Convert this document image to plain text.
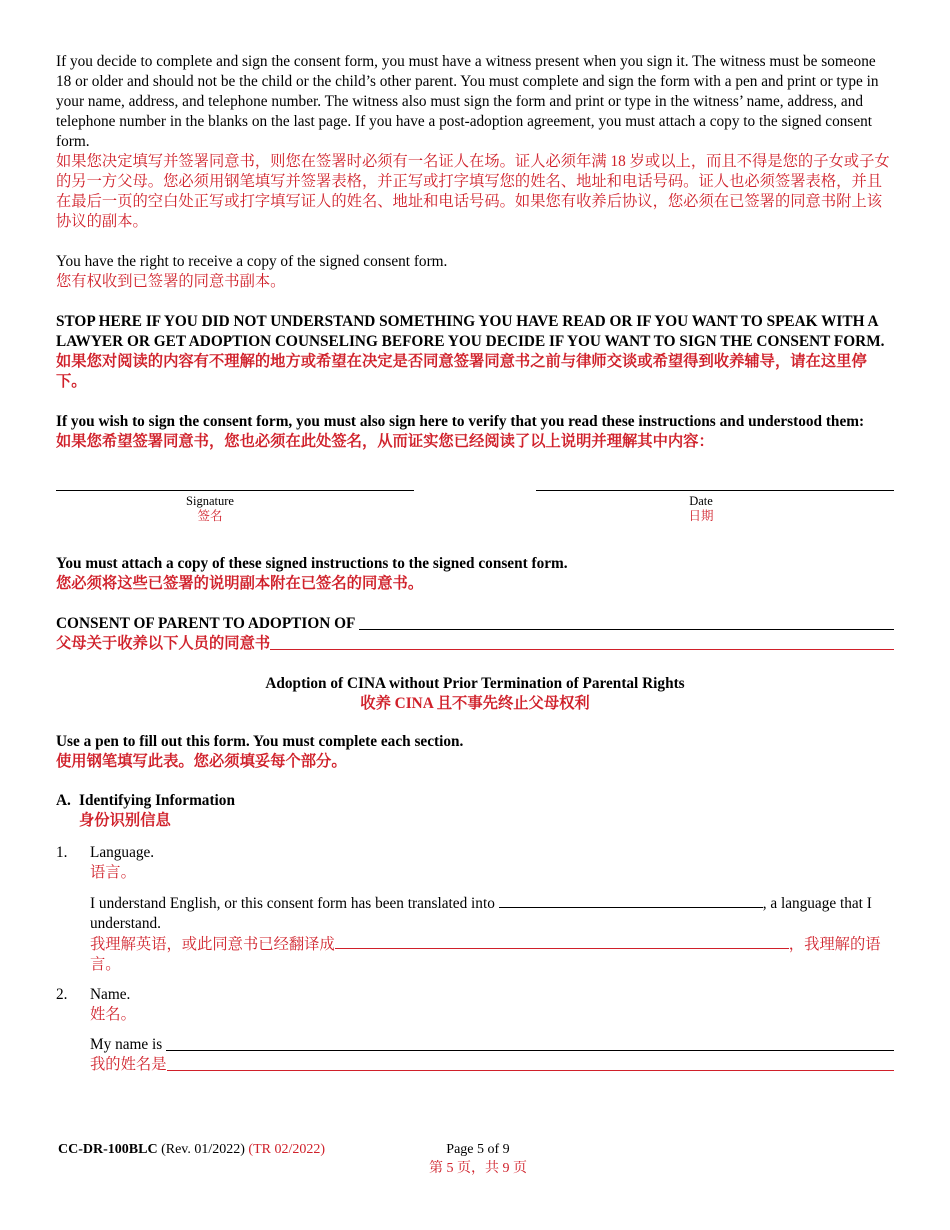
If you decide to complete and sign the consent form, you must have a witness present when you sign it. The witness must be someone 18 or older and should not be the child or the child’s other parent. You must complete and sign the form with a pen and print or type in your name, address, and telephone number. The witness also must sign the form and print or type in the witness’ name, address, and telephone number in the blanks on the last page. If you have a post-adoption agreement, you must attach a copy to the signed consent form.

如果您决定填写并签署同意书，则您在签署时必须有一名证人在场。证人必须年满 18 岁或以上，而且不得是您的子女或子女的另一方父母。您必须用钢笔填写并签署表格，并正写或打字填写您的姓名、地址和电话号码。证人也必须签署表格，并且在最后一页的空白处正写或打字填写证人的姓名、地址和电话号码。如果您有收养后协议，您必须在已签署的同意书附上该协议的副本。

You have the right to receive a copy of the signed consent form.

您有权收到已签署的同意书副本。

STOP HERE IF YOU DID NOT UNDERSTAND SOMETHING YOU HAVE READ OR IF YOU WANT TO SPEAK WITH A LAWYER OR GET ADOPTION COUNSELING BEFORE YOU DECIDE IF YOU WANT TO SIGN THE CONSENT FORM.

如果您对阅读的内容有不理解的地方或希望在决定是否同意签署同意书之前与律师交谈或希望得到收养辅导，请在这里停下。

If you wish to sign the consent form, you must also sign here to verify that you read these instructions and understood them:

如果您希望签署同意书，您也必须在此处签名，从而证实您已经阅读了以上说明并理解其中内容：

Signature
签名
Date
日期

You must attach a copy of these signed instructions to the signed consent form.

您必须将这些已签署的说明副本附在已签名的同意书。

CONSENT OF PARENT TO ADOPTION OF
父母关于收养以下人员的同意书
Adoption of CINA without Prior Termination of Parental Rights
收养 CINA 且不事先终止父母权利
Use a pen to fill out this form. You must complete each section.
使用钢笔填写此表。您必须填妥每个部分。
A. Identifying Information
身份识别信息
1.	Language.
语言。
I understand English, or this consent form has been translated into	, a language that I understand.
我理解英语，或此同意书已经翻译成	，我理解的语言。
2.	Name.
姓名。
My name is
我的姓名是
CC-DR-100BLC (Rev. 01/2022) (TR 02/2022)	Page 5 of 9
第 5 页，共 9 页
